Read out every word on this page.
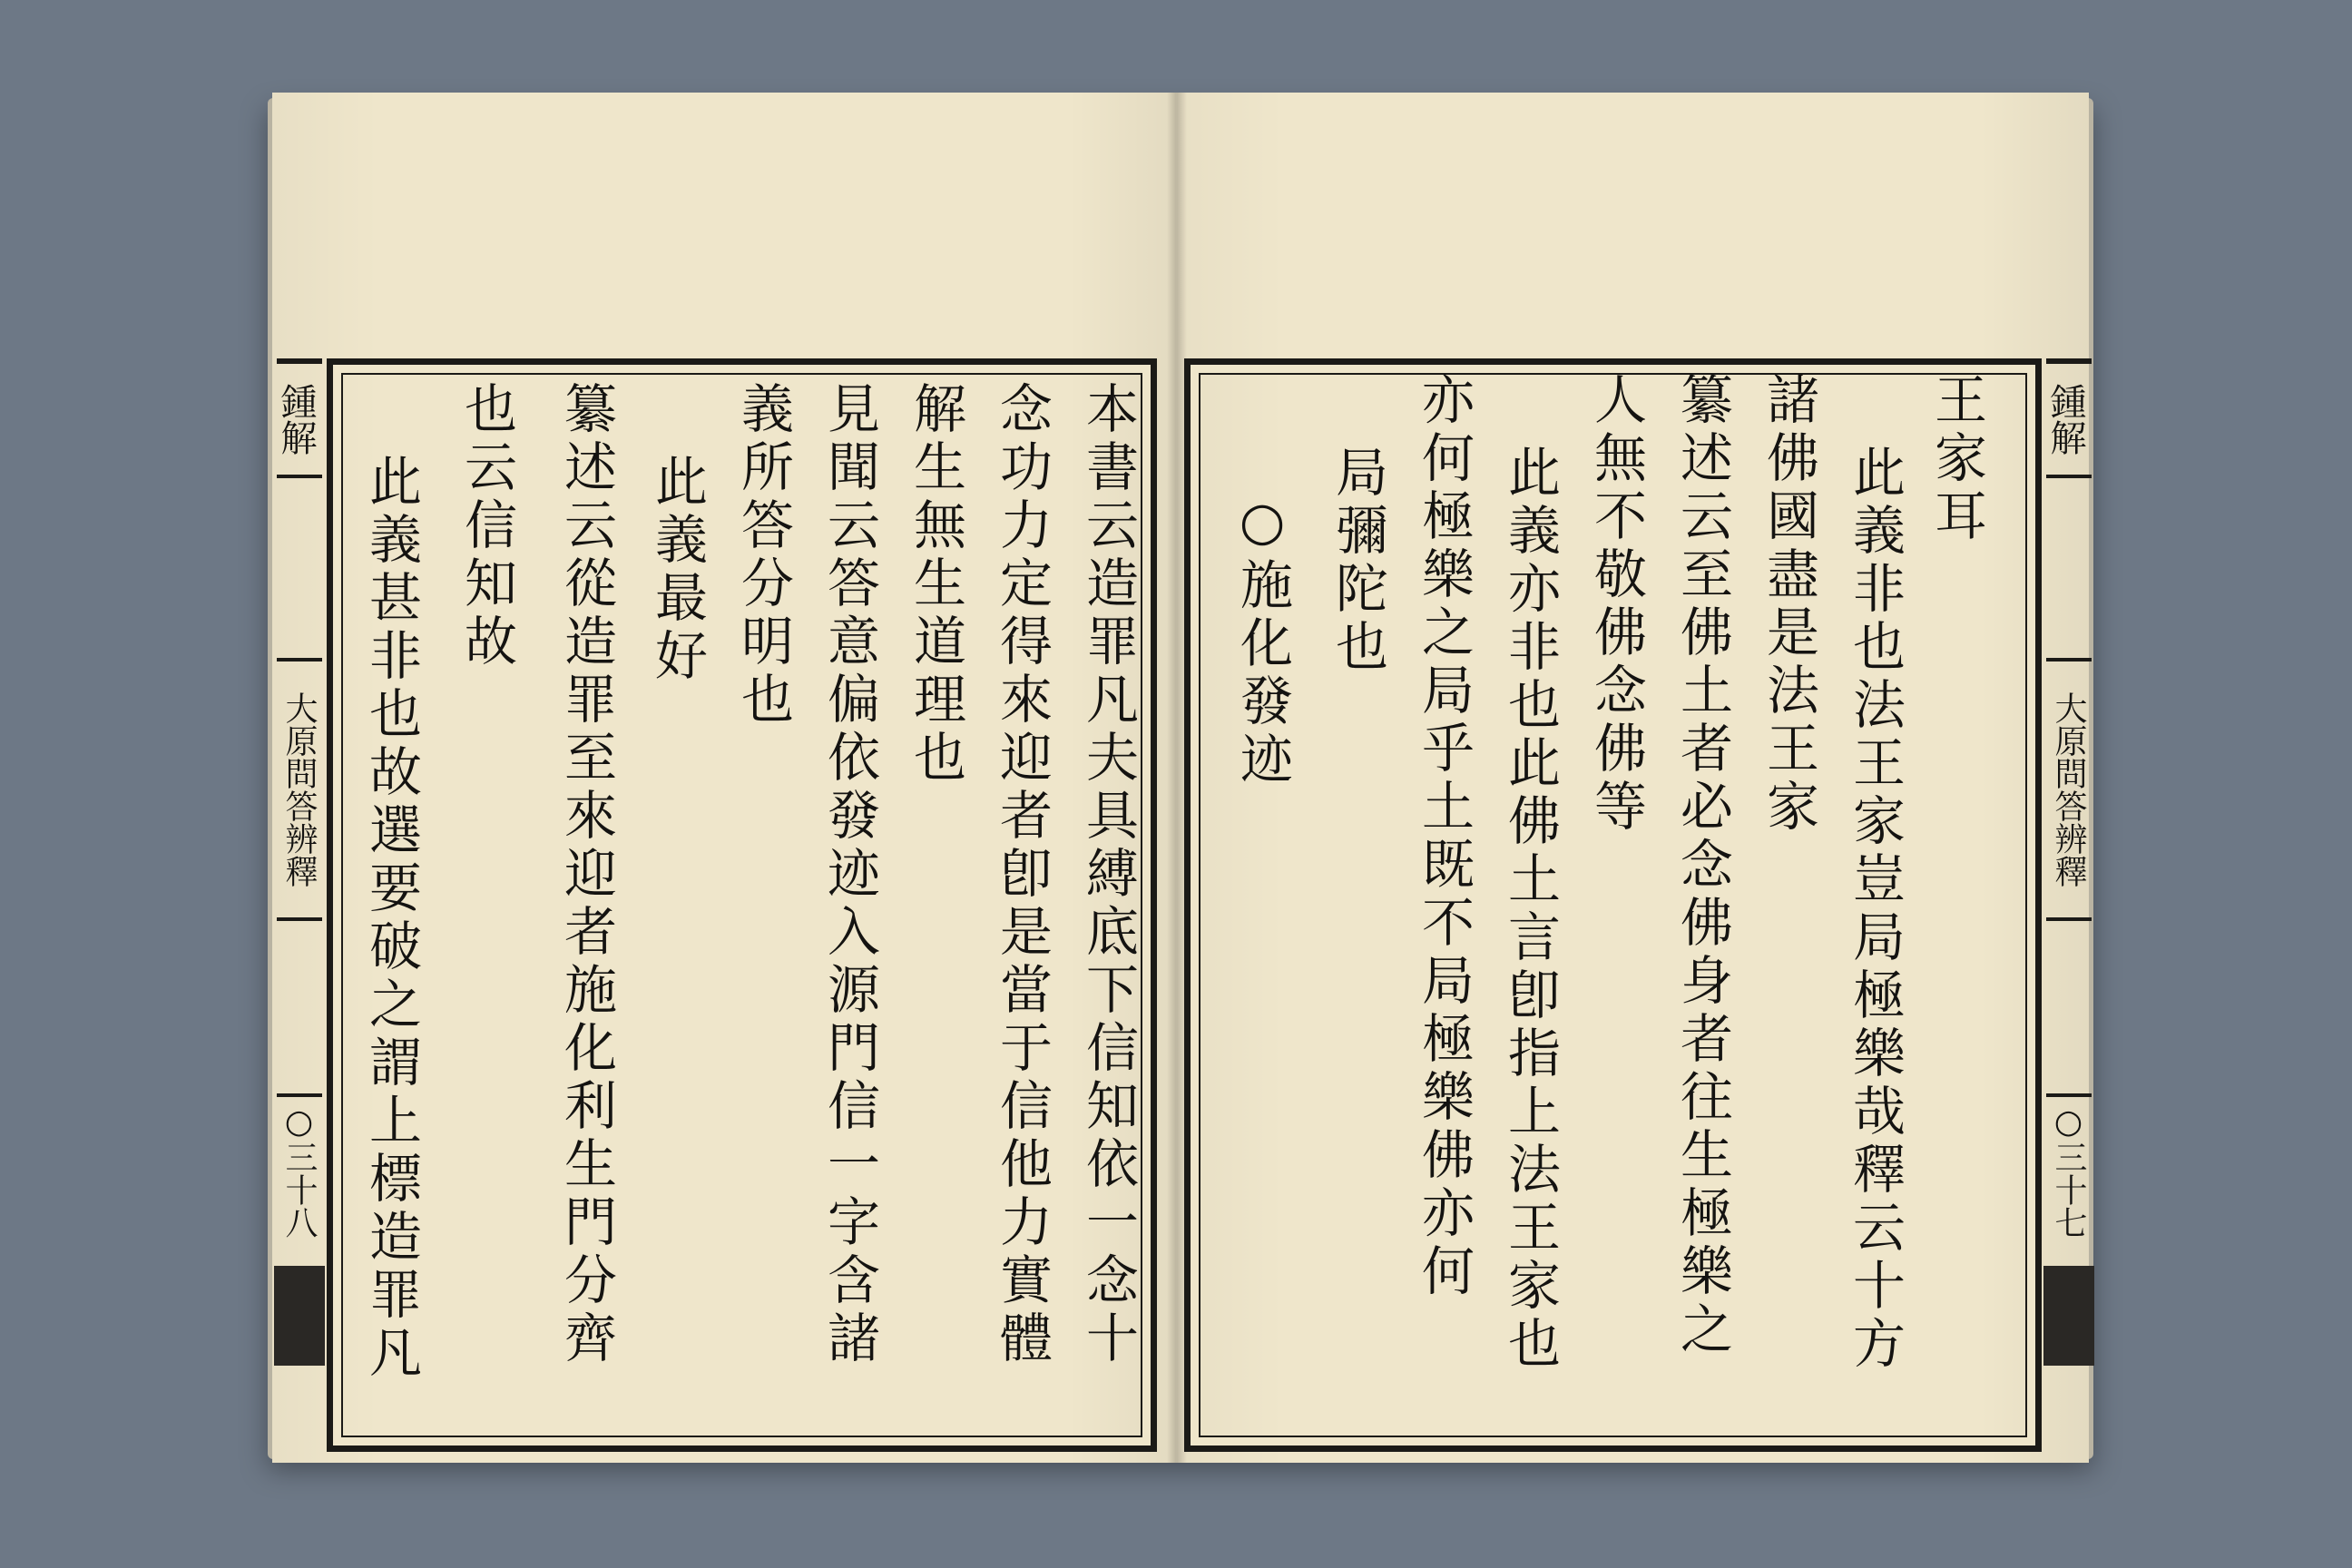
鍾解
大原問答辨釋
○三十八	本書云造罪凡夫具縛底下信知依一念十
念功力定得來迎者卽是當于信他力實體
解生無生道理也
見聞云答意偏依發迹入源門信一字含諸
義所答分明也
此義最好
纂述云從造罪至來迎者施化利生門分齊
也云信知故
此義甚非也故選要破之謂上標造罪凡
鍾解
大原問答辨釋
○三十七
王家耳
此義非也法王家豈局極樂哉釋云十方
諸佛國盡是法王家
纂述云至佛土者必念佛身者往生極樂之
人無不敬佛念佛等
此義亦非也此佛土言卽指上法王家也
亦何極樂之局乎土既不局極樂佛亦何
局彌陀也
○施化發迹
